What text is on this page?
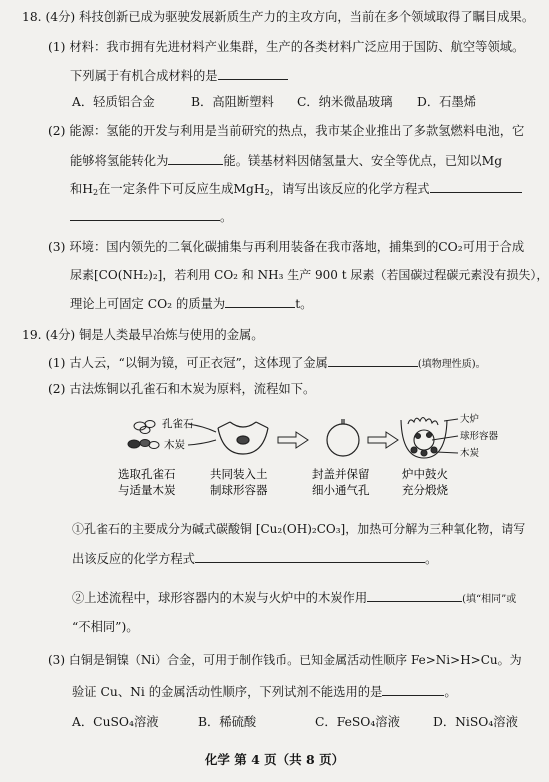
18. (4分) 科技创新已成为驱驶发展新质生产力的主攻方向，当前在多个领域取得了瞩目成果。
(1) 材料：我市拥有先进材料产业集群，生产的各类材料广泛应用于国防、航空等领域。
下列属于有机合成材料的是
A．轻质铝合金	B．高阻断塑料 C．纳米微晶玻璃 D．石墨烯
(2) 能源：氢能的开发与利用是当前研究的热点，我市某企业推出了多款氢燃料电池，它
能够将氢能转化为	能。镁基材料因储氢量大、安全等优点，已知以Mg
和$H_2$在一定条件下可反应生成MgH$_2$，请写出该反应的化学方程式
。
(3) 环境：国内领先的二氧化碳捕集与再利用装备在我市落地，捕集到的CO₂可用于合成
尿素[CO(NH₂)₂]，若利用 CO₂ 和 NH₃ 生产 900 t 尿素（若国碳过程碳元素没有损失），
理论上可固定 CO₂ 的质量为	t。
19. (4分) 铜是人类最早冶炼与使用的金属。
(1) 古人云，“以铜为镜，可正衣冠”，这体现了金属	(填物理性质)。
(2) 古法炼铜以孔雀石和木炭为原料，流程如下。
孔雀石
木炭
大炉
球形容器
木炭
选取孔雀石
与适量木炭
共同装入土
制球形容器
封盖并保留
细小通气孔
炉中鼓火
充分煅烧
①孔雀石的主要成分为碱式碳酸铜 [Cu₂(OH)₂CO₃]，加热可分解为三种氧化物，请写
出该反应的化学方程式	。
②上述流程中，球形容器内的木炭与火炉中的木炭作用	(填“相同”或
“不相同”)。
(3) 白铜是铜镍（Ni）合金，可用于制作钱币。已知金属活动性顺序 Fe>Ni>H>Cu。为
验证 Cu、Ni 的金属活动性顺序，下列试剂不能选用的是	。
A．CuSO₄溶液	B．稀硫酸	C．FeSO₄溶液	D．NiSO₄溶液
化学 第 4 页（共 8 页）
